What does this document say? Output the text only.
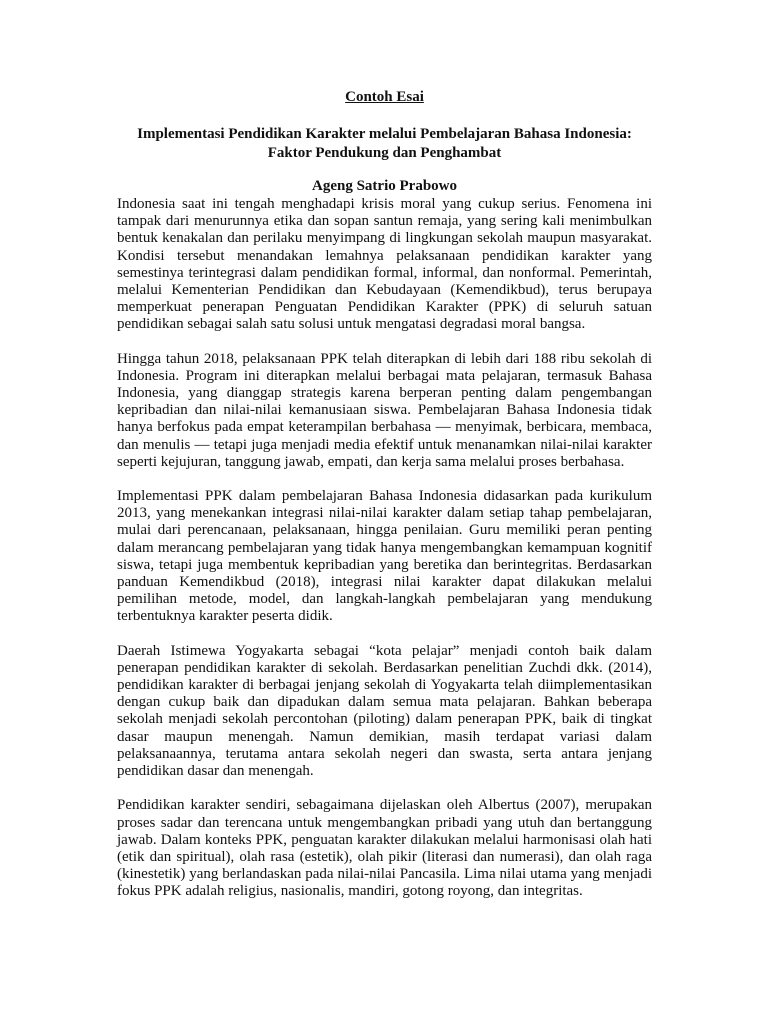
Contoh Esai
Implementasi Pendidikan Karakter melalui Pembelajaran Bahasa Indonesia:
Faktor Pendukung dan Penghambat
Ageng Satrio Prabowo

Indonesia saat ini tengah menghadapi krisis moral yang cukup serius. Fenomena ini tampak dari menurunnya etika dan sopan santun remaja, yang sering kali menimbulkan bentuk kenakalan dan perilaku menyimpang di lingkungan sekolah maupun masyarakat. Kondisi tersebut menandakan lemahnya pelaksanaan pendidikan karakter yang semestinya terintegrasi dalam pendidikan formal, informal, dan nonformal. Pemerintah, melalui Kementerian Pendidikan dan Kebudayaan (Kemendikbud), terus berupaya memperkuat penerapan Penguatan Pendidikan Karakter (PPK) di seluruh satuan pendidikan sebagai salah satu solusi untuk mengatasi degradasi moral bangsa.

Hingga tahun 2018, pelaksanaan PPK telah diterapkan di lebih dari 188 ribu sekolah di Indonesia. Program ini diterapkan melalui berbagai mata pelajaran, termasuk Bahasa Indonesia, yang dianggap strategis karena berperan penting dalam pengembangan kepribadian dan nilai-nilai kemanusiaan siswa. Pembelajaran Bahasa Indonesia tidak hanya berfokus pada empat keterampilan berbahasa — menyimak, berbicara, membaca, dan menulis — tetapi juga menjadi media efektif untuk menanamkan nilai-nilai karakter seperti kejujuran, tanggung jawab, empati, dan kerja sama melalui proses berbahasa.

Implementasi PPK dalam pembelajaran Bahasa Indonesia didasarkan pada kurikulum 2013, yang menekankan integrasi nilai-nilai karakter dalam setiap tahap pembelajaran, mulai dari perencanaan, pelaksanaan, hingga penilaian. Guru memiliki peran penting dalam merancang pembelajaran yang tidak hanya mengembangkan kemampuan kognitif siswa, tetapi juga membentuk kepribadian yang beretika dan berintegritas. Berdasarkan panduan Kemendikbud (2018), integrasi nilai karakter dapat dilakukan melalui pemilihan metode, model, dan langkah-langkah pembelajaran yang mendukung terbentuknya karakter peserta didik.

Daerah Istimewa Yogyakarta sebagai “kota pelajar” menjadi contoh baik dalam penerapan pendidikan karakter di sekolah. Berdasarkan penelitian Zuchdi dkk. (2014), pendidikan karakter di berbagai jenjang sekolah di Yogyakarta telah diimplementasikan dengan cukup baik dan dipadukan dalam semua mata pelajaran. Bahkan beberapa sekolah menjadi sekolah percontohan (piloting) dalam penerapan PPK, baik di tingkat dasar maupun menengah. Namun demikian, masih terdapat variasi dalam pelaksanaannya, terutama antara sekolah negeri dan swasta, serta antara jenjang pendidikan dasar dan menengah.

Pendidikan karakter sendiri, sebagaimana dijelaskan oleh Albertus (2007), merupakan proses sadar dan terencana untuk mengembangkan pribadi yang utuh dan bertanggung jawab. Dalam konteks PPK, penguatan karakter dilakukan melalui harmonisasi olah hati (etik dan spiritual), olah rasa (estetik), olah pikir (literasi dan numerasi), dan olah raga (kinestetik) yang berlandaskan pada nilai-nilai Pancasila. Lima nilai utama yang menjadi fokus PPK adalah religius, nasionalis, mandiri, gotong royong, dan integritas.
